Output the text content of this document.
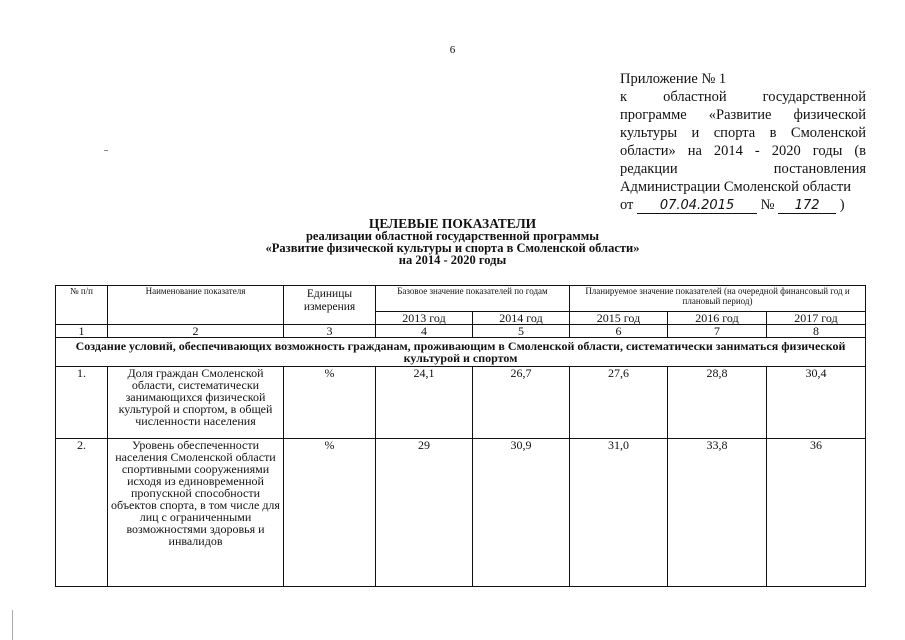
6
Приложение № 1
к областной государственной
программе «Развитие физической
культуры и спорта в Смоленской
области» на 2014 - 2020 годы (в
редакции постановления
Администрации Смоленской области
от 07.04.2015 № 172 )
ЦЕЛЕВЫЕ ПОКАЗАТЕЛИ
реализации областной государственной программы
«Развитие физической культуры и спорта в Смоленской области»
на 2014 - 2020 годы
№ п/п	Наименование показателя	Единицы измерения	Базовое значение показателей по годам		Планируемое значение показателей (на очередной финансовый год и плановый период)		
			2013 год	2014 год	2015 год	2016 год	2017 год
1	2	3	4	5	6	7	8
Создание условий, обеспечивающих возможность гражданам, проживающим в Смоленской области, систематически заниматься физической культурой и спортом							
1.	Доля граждан Смоленской области, систематически занимающихся физической культурой и спортом, в общей численности населения	%	24,1	26,7	27,6	28,8	30,4
2.	Уровень обеспеченности населения Смоленской области спортивными сооружениями исходя из единовременной пропускной способности объектов спорта, в том числе для лиц с ограниченными возможностями здоровья и инвалидов	%	29	30,9	31,0	33,8	36
